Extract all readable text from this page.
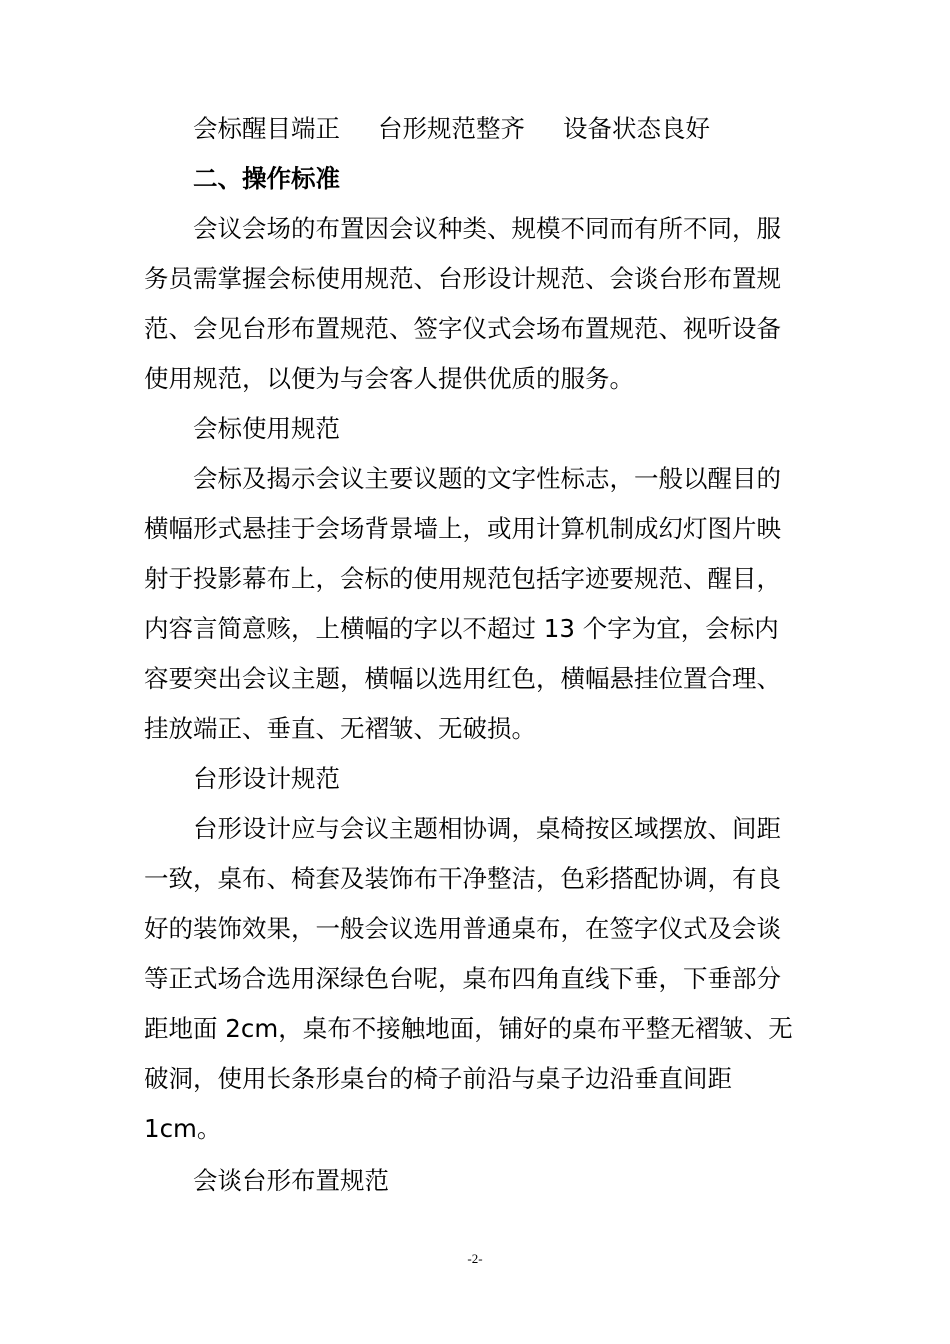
会标醒目端正 台形规范整齐 设备状态良好
二、操作标准
会议会场的布置因会议种类、规模不同而有所不同，服
务员需掌握会标使用规范、台形设计规范、会谈台形布置规
范、会见台形布置规范、签字仪式会场布置规范、视听设备
使用规范，以便为与会客人提供优质的服务。
会标使用规范
会标及揭示会议主要议题的文字性标志，一般以醒目的
横幅形式悬挂于会场背景墙上，或用计算机制成幻灯图片映
射于投影幕布上，会标的使用规范包括字迹要规范、醒目，
内容言简意赅，上横幅的字以不超过 13 个字为宜，会标内
容要突出会议主题，横幅以选用红色，横幅悬挂位置合理、
挂放端正、垂直、无褶皱、无破损。
台形设计规范
台形设计应与会议主题相协调，桌椅按区域摆放、间距
一致，桌布、椅套及装饰布干净整洁，色彩搭配协调，有良
好的装饰效果，一般会议选用普通桌布，在签字仪式及会谈
等正式场合选用深绿色台呢，桌布四角直线下垂，下垂部分
距地面 2cm，桌布不接触地面，铺好的桌布平整无褶皱、无
破洞，使用长条形桌台的椅子前沿与桌子边沿垂直间距
1cm。
会谈台形布置规范
-2-
